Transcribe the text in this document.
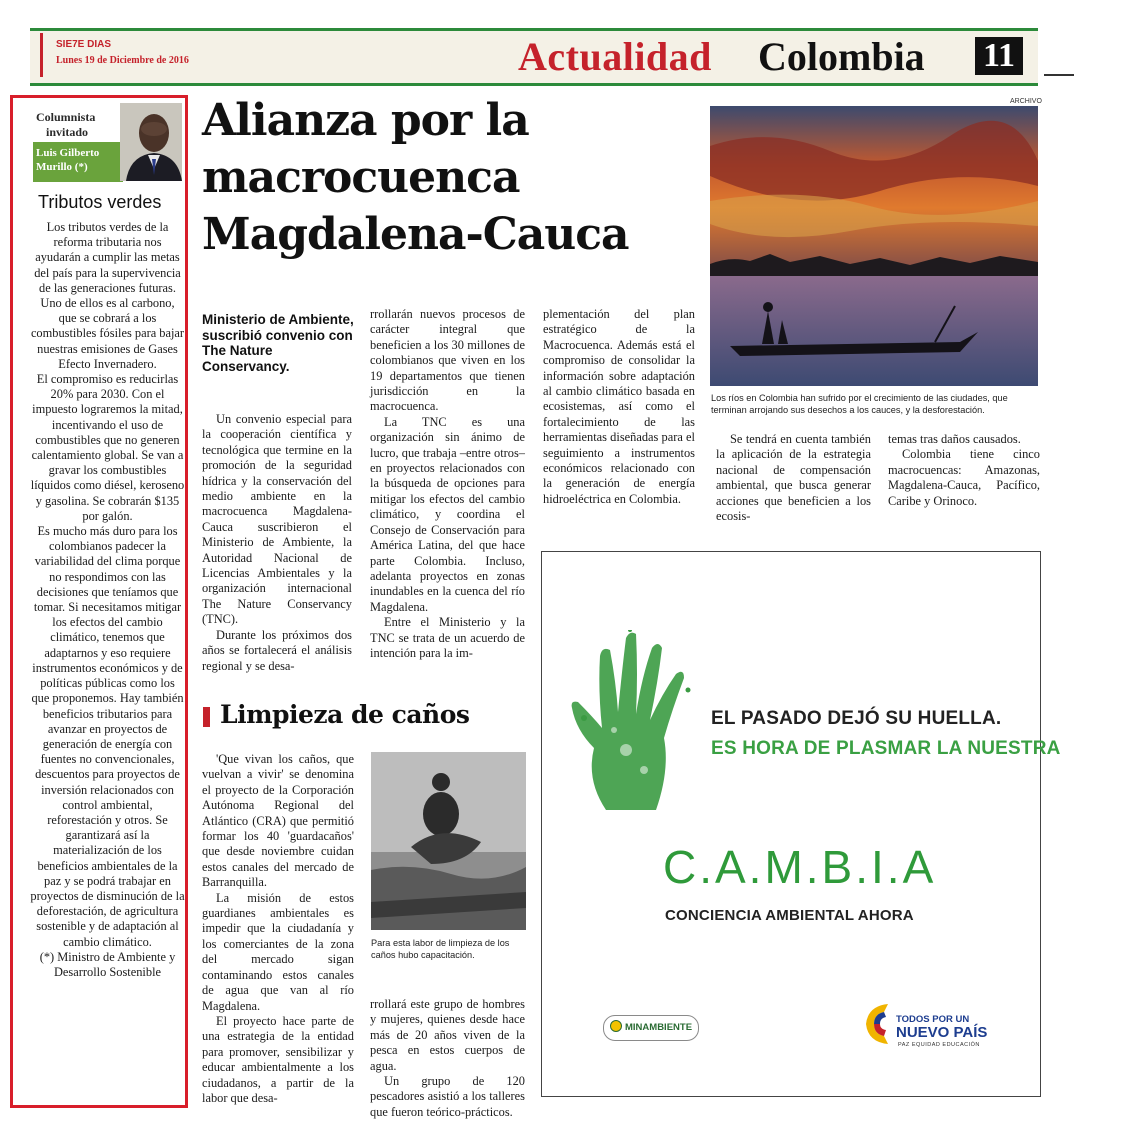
SIE7E DIAS
Lunes 19 de Diciembre de 2016	Actualidad Colombia 11
Columnista
invitado
Luis Gilberto
Murillo (*)
Tributos verdes

Los tributos verdes de la reforma tributaria nos ayudarán a cumplir las metas del país para la supervivencia de las generaciones futuras. Uno de ellos es al carbono, que se cobrará a los combustibles fósiles para bajar nuestras emisiones de Gases Efecto Invernadero.

El compromiso es reducirlas 20% para 2030. Con el impuesto lograremos la mitad, incentivando el uso de combustibles que no generen calentamiento global. Se van a gravar los combustibles líquidos como diésel, keroseno y gasolina. Se cobrarán $135 por galón.

Es mucho más duro para los colombianos padecer la variabilidad del clima porque no respondimos con las decisiones que teníamos que tomar. Si necesitamos mitigar los efectos del cambio climático, tenemos que adaptarnos y eso requiere instrumentos económicos y de políticas públicas como los que proponemos. Hay también beneficios tributarios para avanzar en proyectos de generación de energía con fuentes no convencionales, descuentos para proyectos de inversión relacionados con control ambiental, reforestación y otros. Se garantizará así la materialización de los beneficios ambientales de la paz y se podrá trabajar en proyectos de disminución de la deforestación, de agricultura sostenible y de adaptación al cambio climático.

(*) Ministro de Ambiente y Desarrollo Sostenible

Alianza por la
macrocuenca
Magdalena-Cauca
Ministerio de Ambiente, suscribió convenio con The Nature Conservancy.

Un convenio especial para la cooperación científica y tecnológica que termine en la promoción de la seguridad hídrica y la conservación del medio ambiente en la macrocuenca Magdalena-Cauca suscribieron el Ministerio de Ambiente, la Autoridad Nacional de Licencias Ambientales y la organización internacional The Nature Conservancy (TNC).

Durante los próximos dos años se fortalecerá el análisis regional y se desa-

rrollarán nuevos procesos de carácter integral que beneficien a los 30 millones de colombianos que viven en los 19 departamentos que tienen jurisdicción en la macrocuenca.

La TNC es una organización sin ánimo de lucro, que trabaja –entre otros– en proyectos relacionados con la búsqueda de opciones para mitigar los efectos del cambio climático, y coordina el Consejo de Conservación para América Latina, del que hace parte Colombia. Incluso, adelanta proyectos en zonas inundables en la cuenca del río Magdalena.

Entre el Ministerio y la TNC se trata de un acuerdo de intención para la im-

plementación del plan estratégico de la Macrocuenca. Además está el compromiso de consolidar la información sobre adaptación al cambio climático basada en ecosistemas, así como el fortalecimiento de las herramientas diseñadas para el seguimiento a instrumentos económicos relacionado con la generación de energía hidroeléctrica en Colombia.

Se tendrá en cuenta también la aplicación de la estrategia nacional de compensación ambiental, que busca generar acciones que beneficien a los ecosis-

temas tras daños causados.

Colombia tiene cinco macrocuencas: Amazonas, Magdalena-Cauca, Pacífico, Caribe y Orinoco.

ARCHIVO
Los ríos en Colombia han sufrido por el crecimiento de las ciudades, que terminan arrojando sus desechos a los cauces, y la desforestación.
Limpieza de caños

'Que vivan los caños, que vuelvan a vivir' se denomina el proyecto de la Corporación Autónoma Regional del Atlántico (CRA) que permitió formar los 40 'guardacaños' que desde noviembre cuidan estos canales del mercado de Barranquilla.

La misión de estos guardianes ambientales es impedir que la ciudadanía y los comerciantes de la zona del mercado sigan contaminando estos canales de agua que van al río Magdalena.

El proyecto hace parte de una estrategia de la entidad para promover, sensibilizar y educar ambientalmente a los ciudadanos, a partir de la labor que desa-

Para esta labor de limpieza de los caños hubo capacitación.

rrollará este grupo de hombres y mujeres, quienes desde hace más de 20 años viven de la pesca en estos cuerpos de agua.

Un grupo de 120 pescadores asistió a los talleres que fueron teórico-prácticos.

EL PASADO DEJÓ SU HUELLA.
ES HORA DE PLASMAR LA NUESTRA
C.A.M.B.I.A
CONCIENCIA AMBIENTAL AHORA
MINAMBIENTE
TODOS POR UN
NUEVO PAÍS
PAZ EQUIDAD EDUCACIÓN
